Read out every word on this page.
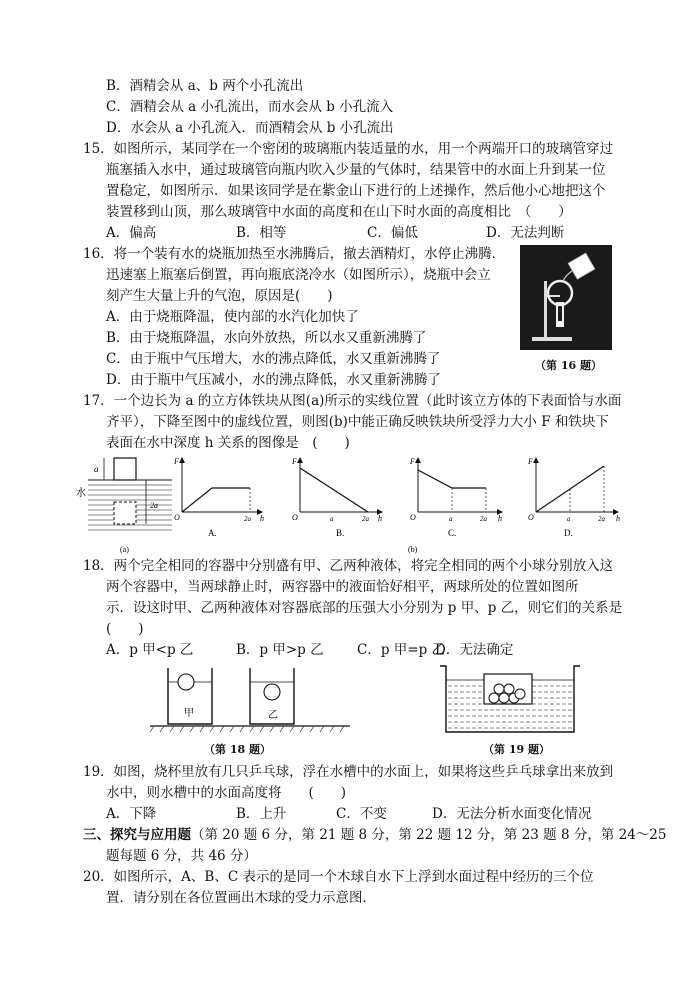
B．酒精会从 a、b 两个小孔流出
C．酒精会从 a 小孔流出，而水会从 b 小孔流入
D．水会从 a 小孔流入．而酒精会从 b 小孔流出
15．如图所示，某同学在一个密闭的玻璃瓶内装适量的水，用一个两端开口的玻璃管穿过
瓶塞插入水中，通过玻璃管向瓶内吹入少量的气体时，结果管中的水面上升到某一位
置稳定，如图所示．如果该同学是在紫金山下进行的上述操作，然后他小心地把这个
装置移到山顶，那么玻璃管中水面的高度和在山下时水面的高度相比　（　　）
A．偏高	B．相等	C．偏低	D．无法判断
16．将一个装有水的烧瓶加热至水沸腾后，撤去酒精灯，水停止沸腾．
迅速塞上瓶塞后倒置，再向瓶底浇冷水（如图所示），烧瓶中会立
刻产生大量上升的气泡，原因是(　　)
A．由于烧瓶降温，使内部的水汽化加快了
B．由于烧瓶降温，水向外放热，所以水又重新沸腾了
C．由于瓶中气压增大，水的沸点降低，水又重新沸腾了
D．由于瓶中气压减小，水的沸点降低，水又重新沸腾了
（第 16 题）
17．一个边长为 a 的立方体铁块从图(a)所示的实线位置（此时该立方体的下表面恰与水面
齐平），下降至图中的虚线位置，则图(b)中能正确反映铁块所受浮力大小 F 和铁块下
表面在水中深度 h 关系的图像是　(　　)
a
2a
水
(a)
F
O	2a h
A.
F
O	a	2a h
B.
F
O	a	2a h
C.
F
O	a	2a h
D.
(b)
18．两个完全相同的容器中分别盛有甲、乙两种液体，将完全相同的两个小球分别放入这
两个容器中，当两球静止时，两容器中的液面恰好相平，两球所处的位置如图所
示．设这时甲、乙两种液体对容器底部的压强大小分别为 p 甲、p 乙，则它们的关系是
(　　)
A．p 甲<p 乙	B．p 甲>p 乙 C．p 甲=p 乙
D．无法确定
甲	乙
（第 18 题）	（第 19 题）
19．如图，烧杯里放有几只乒乓球，浮在水槽中的水面上，如果将这些乒乓球拿出来放到
水中，则水槽中的水面高度将　　(　　)
A．下降	B．上升	C．不变	D．无法分析水面变化情况
三、探究与应用题（第 20 题 6 分，第 21 题 8 分，第 22 题 12 分，第 23 题 8 分，第 24～25
题每题 6 分，共 46 分）
20．如图所示，A、B、C 表示的是同一个木球自水下上浮到水面过程中经历的三个位
置．请分别在各位置画出木球的受力示意图．
